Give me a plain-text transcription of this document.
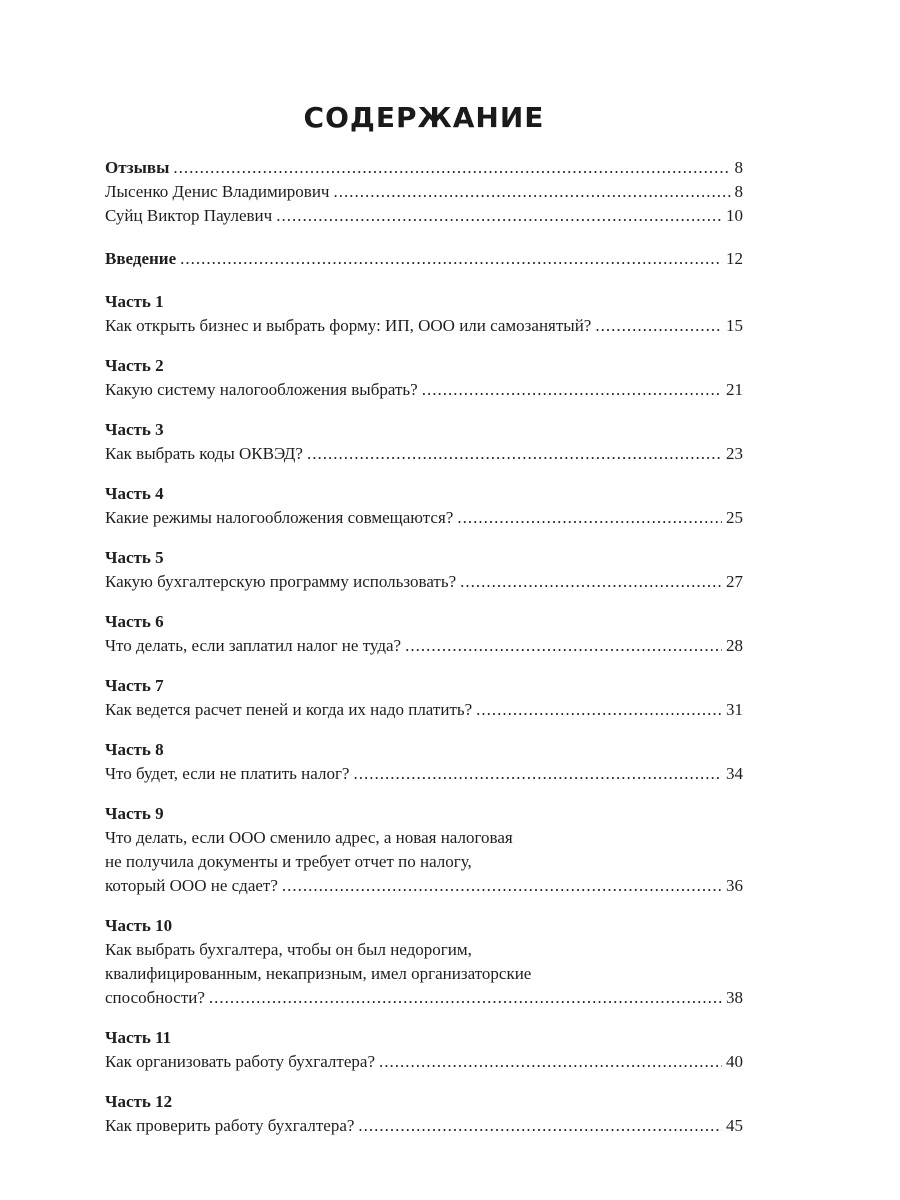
СОДЕРЖАНИЕ
Отзывы .....	8
Лысенко Денис Владимирович .....	8
Суйц Виктор Паулевич .....	10
Введение .....	12
Часть 1
Как открыть бизнес и выбрать форму: ИП, ООО или самозанятый? .....	15
Часть 2
Какую систему налогообложения выбрать? .....	21
Часть 3
Как выбрать коды ОКВЭД? .....	23
Часть 4
Какие режимы налогообложения совмещаются? .....	25
Часть 5
Какую бухгалтерскую программу использовать? .....	27
Часть 6
Что делать, если заплатил налог не туда? .....	28
Часть 7
Как ведется расчет пеней и когда их надо платить? .....	31
Часть 8
Что будет, если не платить налог? .....	34
Часть 9
Что делать, если ООО сменило адрес, а новая налоговая
не получила документы и требует отчет по налогу,
который ООО не сдает? .....	36
Часть 10
Как выбрать бухгалтера, чтобы он был недорогим,
квалифицированным, некапризным, имел организаторские
способности? .....	38
Часть 11
Как организовать работу бухгалтера? .....	40
Часть 12
Как проверить работу бухгалтера? .....	45
